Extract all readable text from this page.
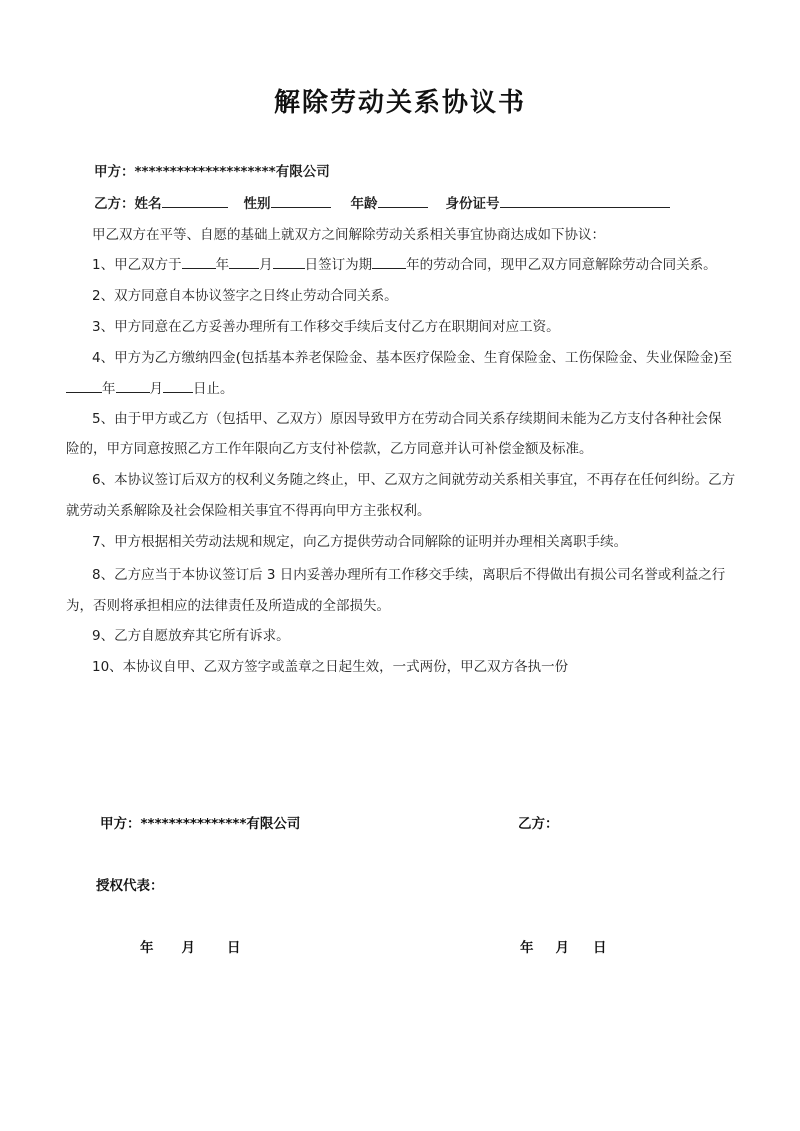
解除劳动关系协议书
甲方：********************有限公司
乙方：姓名	性别	年龄	身份证号
甲乙双方在平等、自愿的基础上就双方之间解除劳动关系相关事宜协商达成如下协议：
1、甲乙双方于	年 月 日签订为期	年的劳动合同，现甲乙双方同意解除劳动合同关系。
2、双方同意自本协议签字之日终止劳动合同关系。
3、甲方同意在乙方妥善办理所有工作移交手续后支付乙方在职期间对应工资。
4、甲方为乙方缴纳四金(包括基本养老保险金、基本医疗保险金、生育保险金、工伤保险金、失业保险金)至
年	月 日止。
5、由于甲方或乙方（包括甲、乙双方）原因导致甲方在劳动合同关系存续期间未能为乙方支付各种社会保
险的，甲方同意按照乙方工作年限向乙方支付补偿款，乙方同意并认可补偿金额及标准。
6、本协议签订后双方的权利义务随之终止，甲、乙双方之间就劳动关系相关事宜，不再存在任何纠纷。乙方
就劳动关系解除及社会保险相关事宜不得再向甲方主张权利。
7、甲方根据相关劳动法规和规定，向乙方提供劳动合同解除的证明并办理相关离职手续。
8、乙方应当于本协议签订后 3 日内妥善办理所有工作移交手续，离职后不得做出有损公司名誉或利益之行
为，否则将承担相应的法律责任及所造成的全部损失。
9、乙方自愿放弃其它所有诉求。
10、本协议自甲、乙双方签字或盖章之日起生效，一式两份，甲乙双方各执一份
甲方：***************有限公司	乙方：
授权代表：
年 月 日	年 月 日
